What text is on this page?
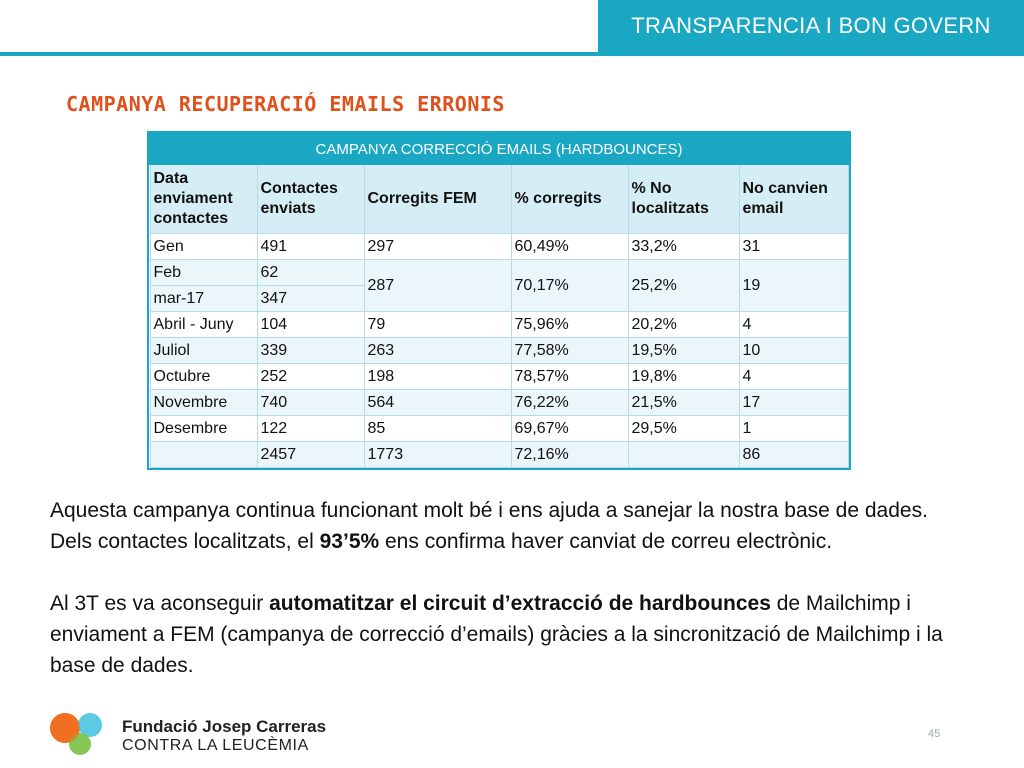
TRANSPARENCIA I BON GOVERN
CAMPANYA RECUPERACIÓ EMAILS ERRONIS
CAMPANYA CORRECCIÓ EMAILS (HARDBOUNCES)					
Data enviament contactes	Contactes enviats	Corregits FEM	% corregits	% No localitzats	No canvien email
Gen	491	297	60,49%	33,2%	31
Feb	62	287	70,17%	25,2%	19
mar-17	347				
Abril - Juny	104	79	75,96%	20,2%	4
Juliol	339	263	77,58%	19,5%	10
Octubre	252	198	78,57%	19,8%	4
Novembre	740	564	76,22%	21,5%	17
Desembre	122	85	69,67%	29,5%	1
	2457	1773	72,16%		86

Aquesta campanya continua funcionant molt bé i ens ajuda a sanejar la nostra base de dades. Dels contactes localitzats, el 93’5% ens confirma haver canviat de correu electrònic.

Al 3T es va aconseguir automatitzar el circuit d’extracció de hardbounces de Mailchimp i enviament a FEM (campanya de correcció d’emails) gràcies a la sincronització de Mailchimp i la base de dades.

Fundació Josep Carreras
CONTRA LA LEUCÈMIA
45
